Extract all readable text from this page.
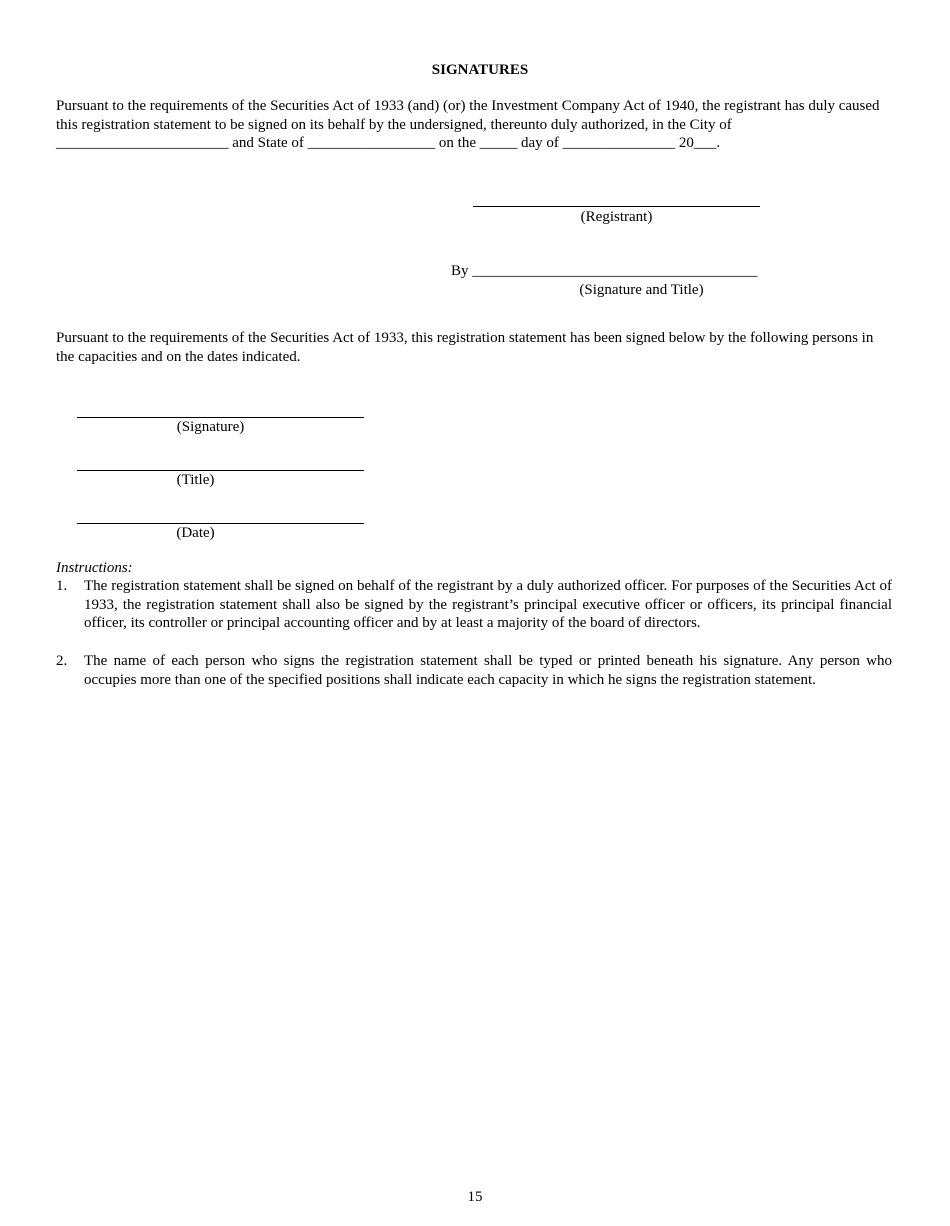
SIGNATURES

Pursuant to the requirements of the Securities Act of 1933 (and) (or) the Investment Company Act of 1940, the registrant has duly caused this registration statement to be signed on its behalf by the undersigned, thereunto duly authorized, in the City of _______________________ and State of _________________ on the _____ day of _______________ 20___.

(Registrant)
By ______________________________________
(Signature and Title)

Pursuant to the requirements of the Securities Act of 1933, this registration statement has been signed below by the following persons in the capacities and on the dates indicated.

(Signature)
(Title)
(Date)
Instructions:
1. The registration statement shall be signed on behalf of the registrant by a duly authorized officer. For purposes of the Securities Act of 1933, the registration statement shall also be signed by the registrant’s principal executive officer or officers, its principal financial officer, its controller or principal accounting officer and by at least a majority of the board of directors.
2. The name of each person who signs the registration statement shall be typed or printed beneath his signature. Any person who occupies more than one of the specified positions shall indicate each capacity in which he signs the registration statement.
15
